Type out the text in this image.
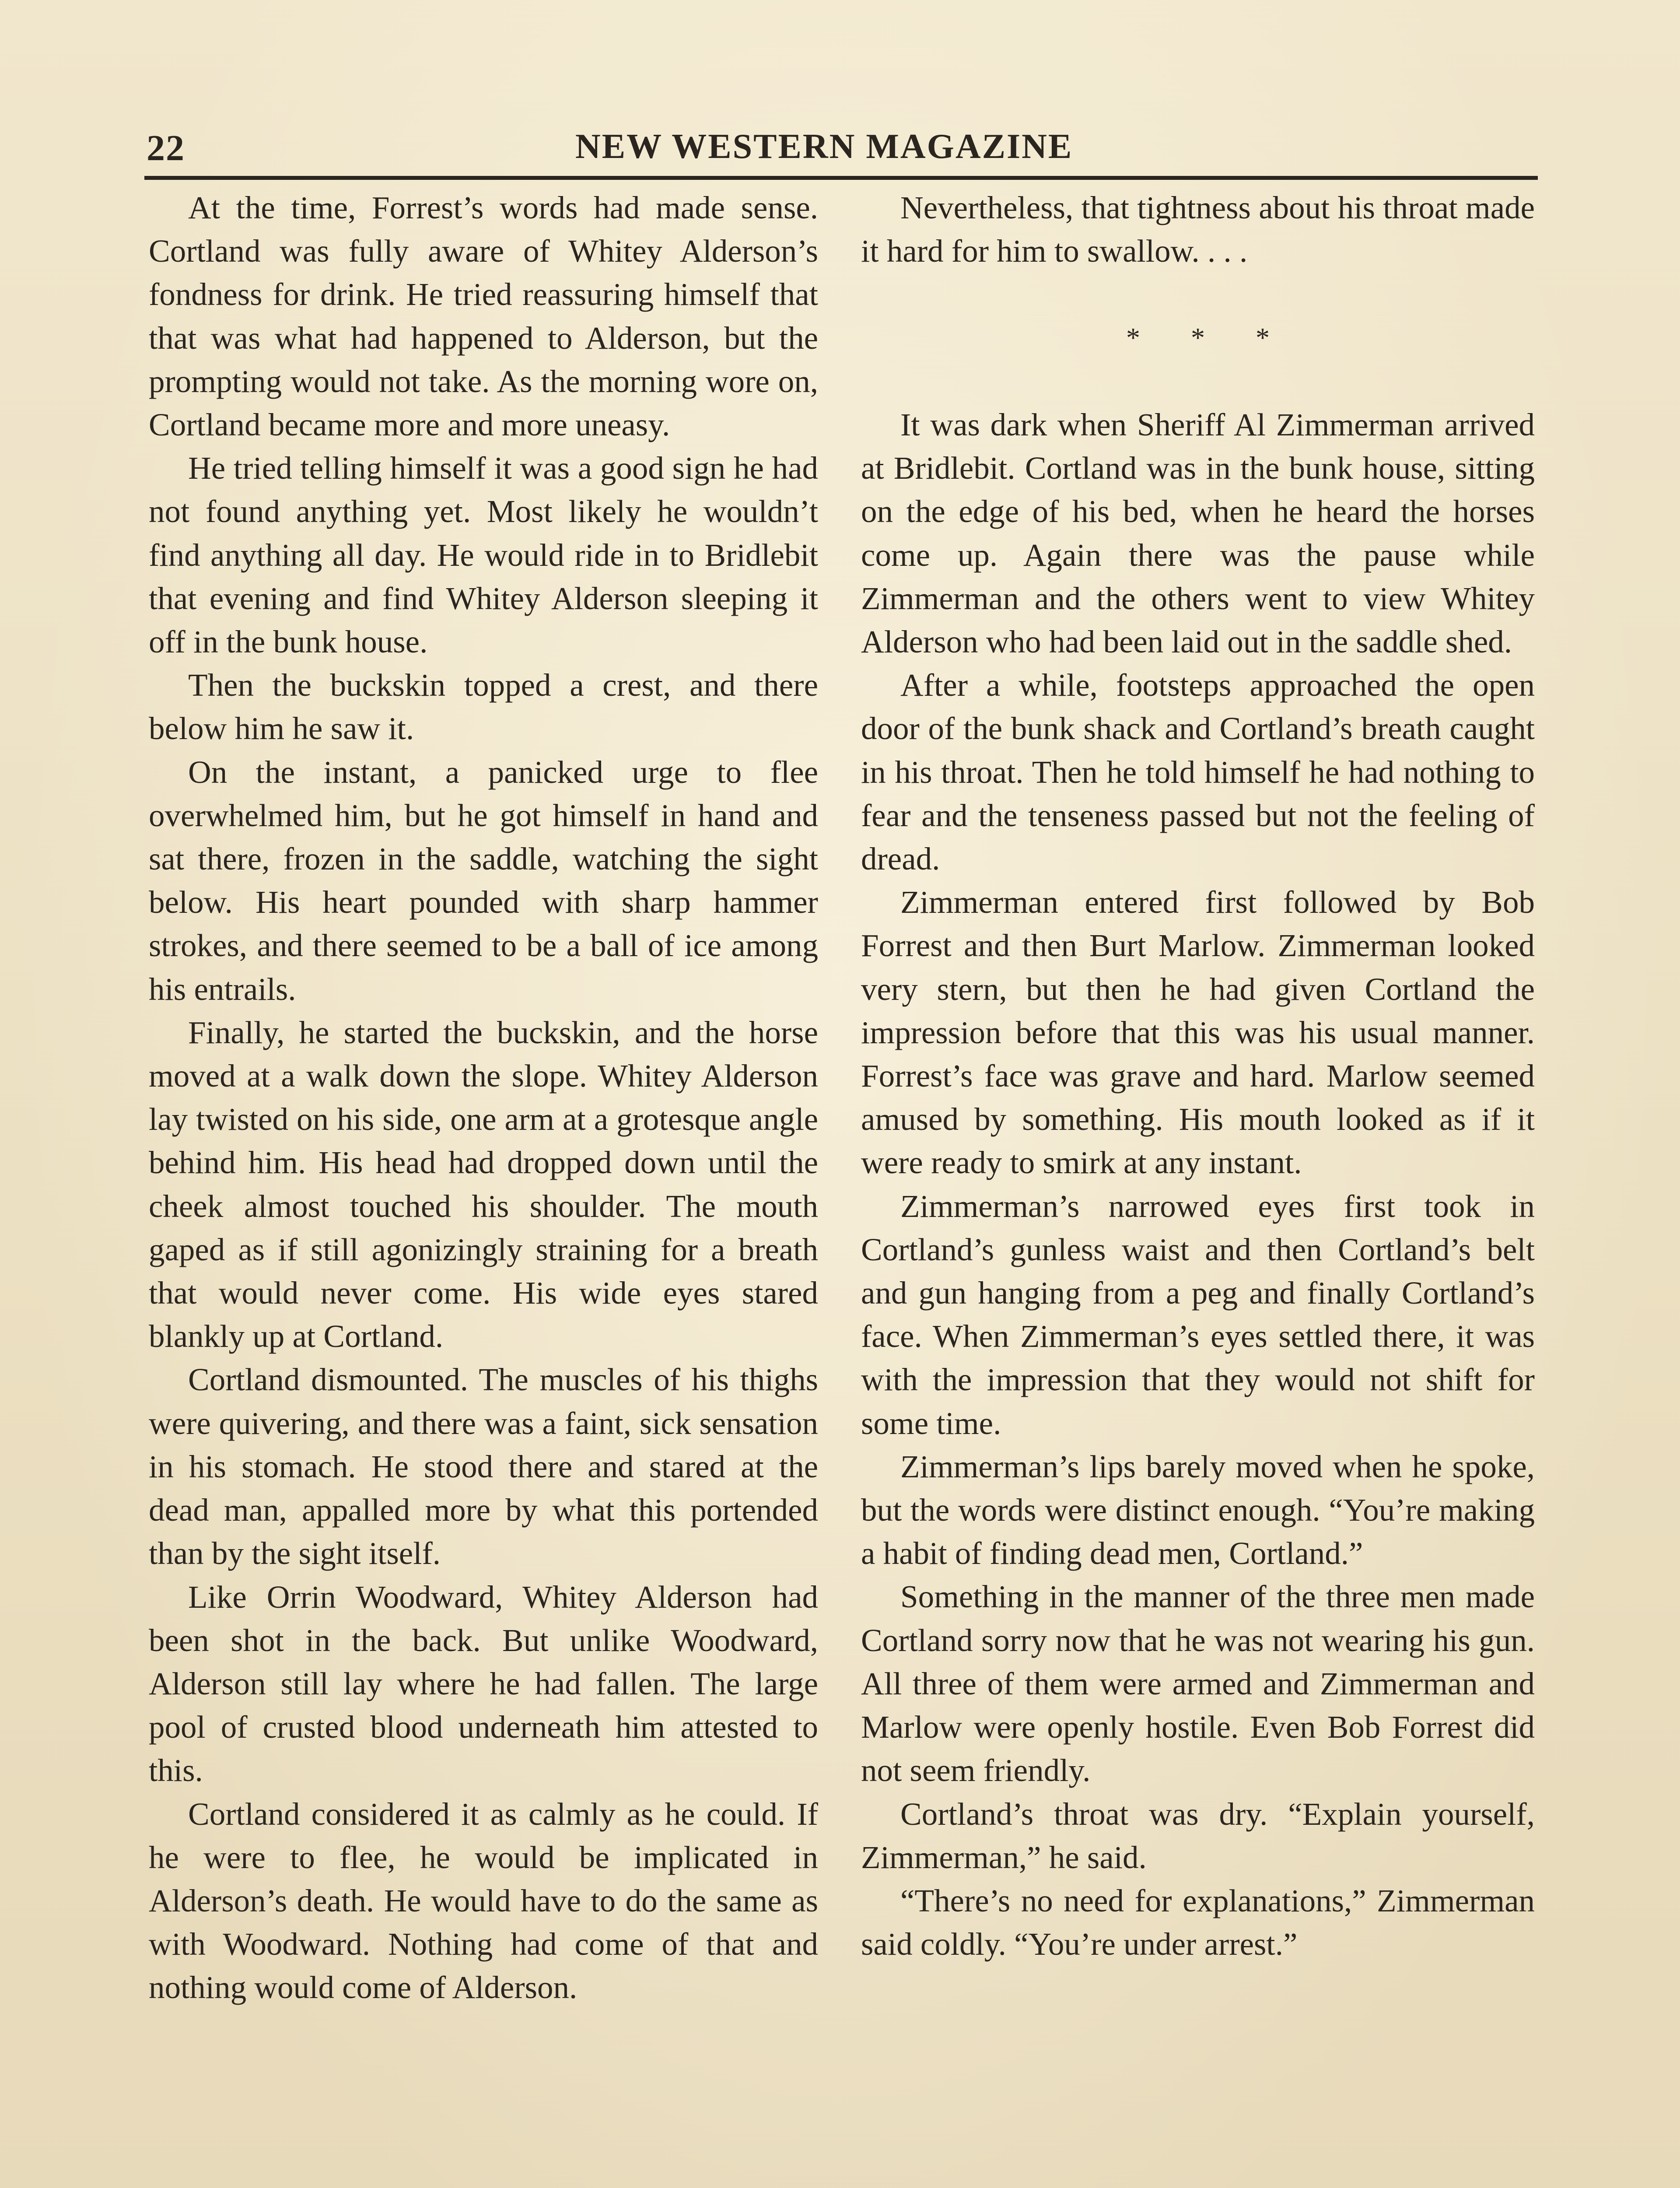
22	NEW WESTERN MAGAZINE

At the time, Forrest’s words had made sense. Cortland was fully aware of Whitey Alderson’s fondness for drink. He tried reassuring himself that that was what had happened to Alderson, but the prompting would not take. As the morning wore on, Cortland became more and more uneasy.

He tried telling himself it was a good sign he had not found anything yet. Most likely he wouldn’t find anything all day. He would ride in to Bridlebit that evening and find Whitey Alderson sleeping it off in the bunk house.

Then the buckskin topped a crest, and there below him he saw it.

On the instant, a panicked urge to flee overwhelmed him, but he got himself in hand and sat there, frozen in the saddle, watching the sight below. His heart pounded with sharp hammer strokes, and there seemed to be a ball of ice among his entrails.

Finally, he started the buckskin, and the horse moved at a walk down the slope. Whitey Alderson lay twisted on his side, one arm at a grotesque angle behind him. His head had dropped down until the cheek almost touched his shoulder. The mouth gaped as if still agonizingly straining for a breath that would never come. His wide eyes stared blankly up at Cortland.

Cortland dismounted. The muscles of his thighs were quivering, and there was a faint, sick sensation in his stomach. He stood there and stared at the dead man, appalled more by what this portended than by the sight itself.

Like Orrin Woodward, Whitey Alderson had been shot in the back. But unlike Woodward, Alderson still lay where he had fallen. The large pool of crusted blood underneath him attested to this.

Cortland considered it as calmly as he could. If he were to flee, he would be implicated in Alderson’s death. He would have to do the same as with Woodward. Nothing had come of that and nothing would come of Alderson.

Nevertheless, that tightness about his throat made it hard for him to swallow. . . .

* * *

It was dark when Sheriff Al Zimmerman arrived at Bridlebit. Cortland was in the bunk house, sitting on the edge of his bed, when he heard the horses come up. Again there was the pause while Zimmerman and the others went to view Whitey Alderson who had been laid out in the saddle shed.

After a while, footsteps approached the open door of the bunk shack and Cortland’s breath caught in his throat. Then he told himself he had nothing to fear and the tenseness passed but not the feeling of dread.

Zimmerman entered first followed by Bob Forrest and then Burt Marlow. Zimmerman looked very stern, but then he had given Cortland the impression before that this was his usual manner. Forrest’s face was grave and hard. Marlow seemed amused by something. His mouth looked as if it were ready to smirk at any instant.

Zimmerman’s narrowed eyes first took in Cortland’s gunless waist and then Cortland’s belt and gun hanging from a peg and finally Cortland’s face. When Zimmerman’s eyes settled there, it was with the impression that they would not shift for some time.

Zimmerman’s lips barely moved when he spoke, but the words were distinct enough. “You’re making a habit of finding dead men, Cortland.”

Something in the manner of the three men made Cortland sorry now that he was not wearing his gun. All three of them were armed and Zimmerman and Marlow were openly hostile. Even Bob Forrest did not seem friendly.

Cortland’s throat was dry. “Explain yourself, Zimmerman,” he said.

“There’s no need for explanations,” Zimmerman said coldly. “You’re under arrest.”
